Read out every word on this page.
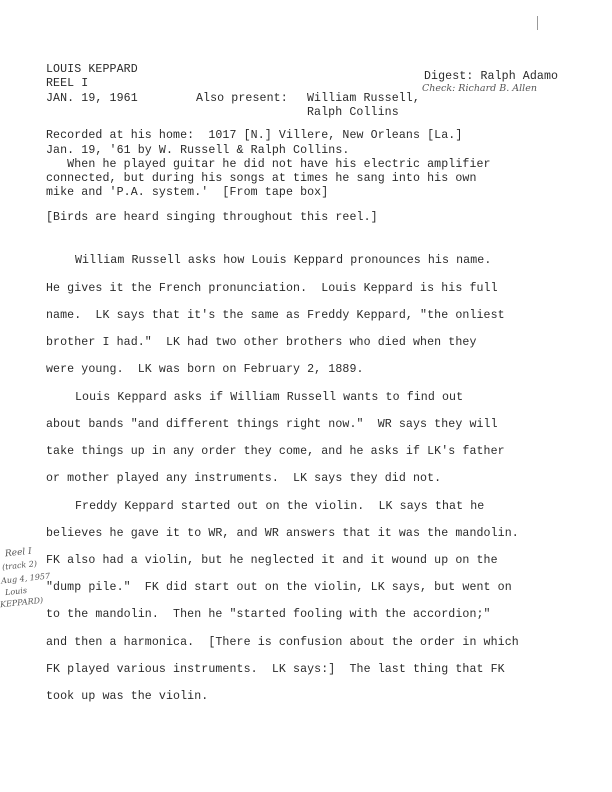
LOUIS KEPPARD
REEL I
JAN. 19, 1961	Also present: William Russell,
Ralph Collins
Digest: Ralph Adamo
Check: Richard B. Allen
Recorded at his home:  1017 [N.] Villere, New Orleans [La.]
Jan. 19, '61 by W. Russell & Ralph Collins.
When he played guitar he did not have his electric amplifier
connected, but during his songs at times he sang into his own
mike and 'P.A. system.'  [From tape box]
[Birds are heard singing throughout this reel.]
William Russell asks how Louis Keppard pronounces his name.
He gives it the French pronunciation.  Louis Keppard is his full
name.  LK says that it's the same as Freddy Keppard, "the onliest
brother I had."  LK had two other brothers who died when they
were young.  LK was born on February 2, 1889.
Louis Keppard asks if William Russell wants to find out
about bands "and different things right now."  WR says they will
take things up in any order they come, and he asks if LK's father
or mother played any instruments.  LK says they did not.
Freddy Keppard started out on the violin.  LK says that he
believes he gave it to WR, and WR answers that it was the mandolin.
FK also had a violin, but he neglected it and it wound up on the
"dump pile."  FK did start out on the violin, LK says, but went on
to the mandolin.  Then he "started fooling with the accordion;"
and then a harmonica.  [There is confusion about the order in which
FK played various instruments.  LK says:]  The last thing that FK
took up was the violin.
Reel I
(track 2)
Aug 4, 1957
Louis
KEPPARD)
